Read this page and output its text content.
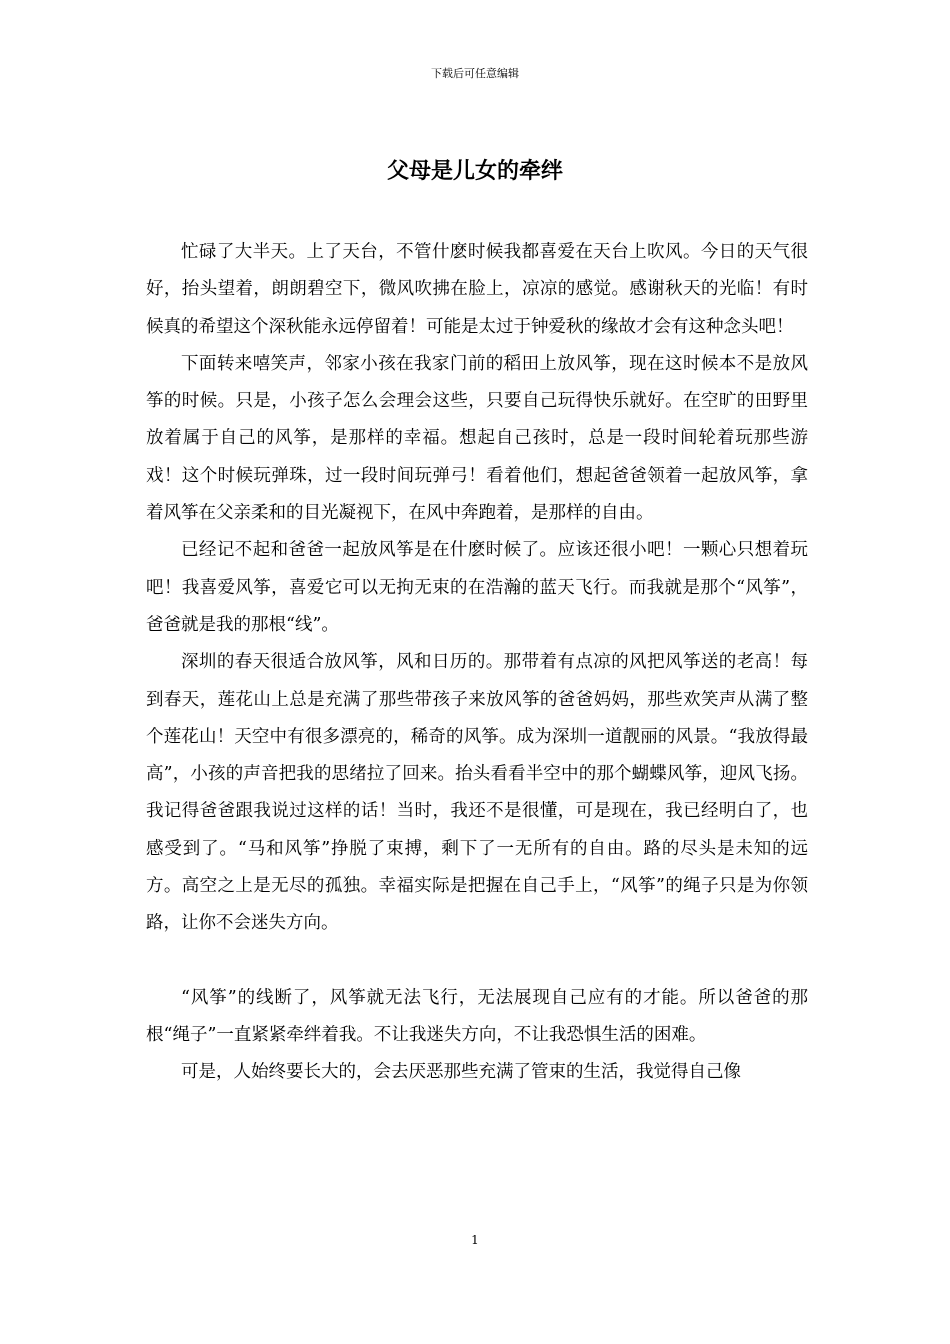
下载后可任意编辑
父母是儿女的牵绊

忙碌了大半天。上了天台，不管什麽时候我都喜爱在天台上吹风。今日的天气很好，抬头望着，朗朗碧空下，微风吹拂在脸上，凉凉的感觉。感谢秋天的光临！有时候真的希望这个深秋能永远停留着！可能是太过于钟爱秋的缘故才会有这种念头吧！

下面转来嘻笑声，邻家小孩在我家门前的稻田上放风筝，现在这时候本不是放风筝的时候。只是，小孩子怎么会理会这些，只要自己玩得快乐就好。在空旷的田野里放着属于自己的风筝，是那样的幸福。想起自己孩时，总是一段时间轮着玩那些游戏！这个时候玩弹珠，过一段时间玩弹弓！看着他们，想起爸爸领着一起放风筝，拿着风筝在父亲柔和的目光凝视下，在风中奔跑着，是那样的自由。

已经记不起和爸爸一起放风筝是在什麽时候了。应该还很小吧！一颗心只想着玩吧！我喜爱风筝，喜爱它可以无拘无束的在浩瀚的蓝天飞行。而我就是那个“风筝”，爸爸就是我的那根“线”。

深圳的春天很适合放风筝，风和日历的。那带着有点凉的风把风筝送的老高！每到春天，莲花山上总是充满了那些带孩子来放风筝的爸爸妈妈，那些欢笑声从满了整个莲花山！天空中有很多漂亮的，稀奇的风筝。成为深圳一道靓丽的风景。“我放得最高”，小孩的声音把我的思绪拉了回来。抬头看看半空中的那个蝴蝶风筝，迎风飞扬。我记得爸爸跟我说过这样的话！当时，我还不是很懂，可是现在，我已经明白了，也感受到了。“马和风筝”挣脱了束搏，剩下了一无所有的自由。路的尽头是未知的远方。高空之上是无尽的孤独。幸福实际是把握在自己手上，“风筝”的绳子只是为你领路，让你不会迷失方向。

“风筝”的线断了，风筝就无法飞行，无法展现自己应有的才能。所以爸爸的那根“绳子”一直紧紧牵绊着我。不让我迷失方向，不让我恐惧生活的困难。

可是，人始终要长大的，会去厌恶那些充满了管束的生活，我觉得自己像

1
